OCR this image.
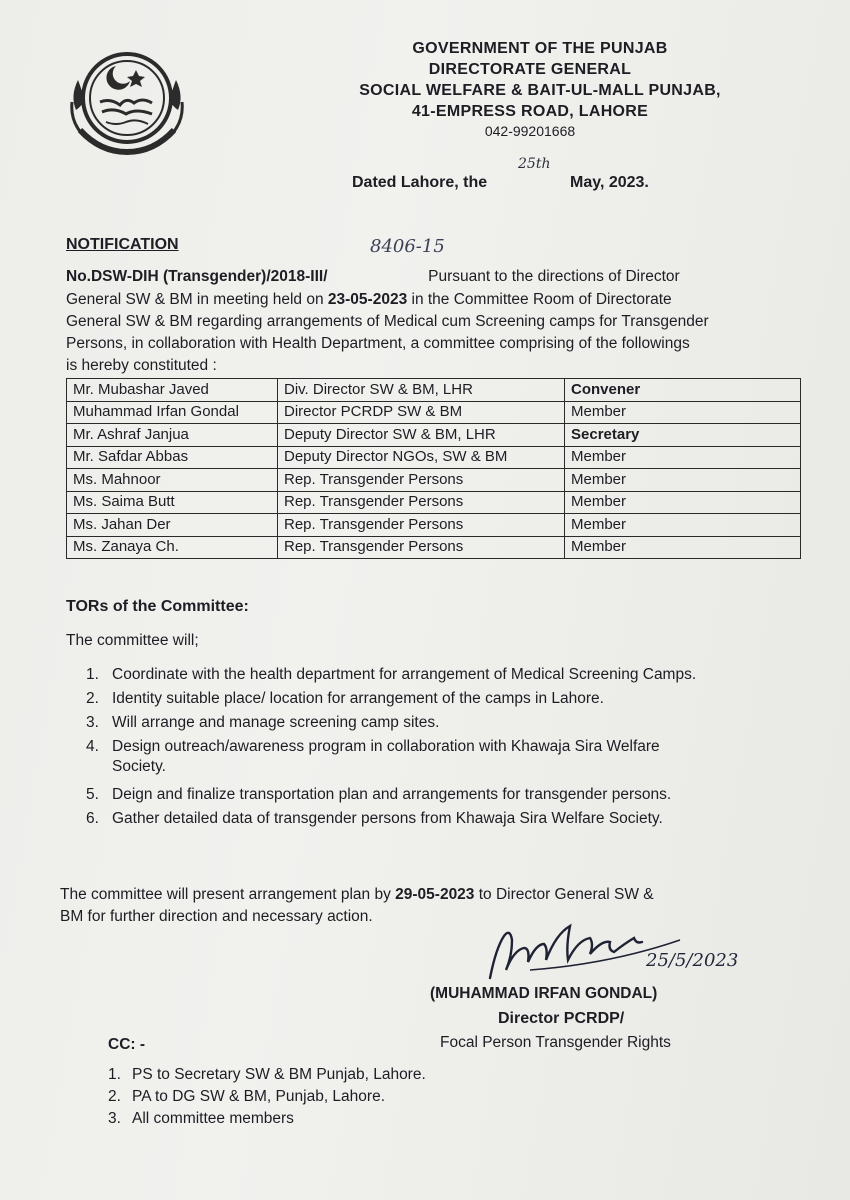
GOVERNMENT OF THE PUNJAB
DIRECTORATE GENERAL
SOCIAL WELFARE & BAIT-UL-MALL PUNJAB,
41-EMPRESS ROAD, LAHORE
042-99201668
Dated Lahore, the
25th
May, 2023.
NOTIFICATION	8406-15
No.DSW-DIH (Transgender)/2018-III/	Pursuant to the directions of Director
General SW & BM in meeting held on 23-05-2023 in the Committee Room of Directorate
General SW & BM regarding arrangements of Medical cum Screening camps for Transgender
Persons, in collaboration with Health Department, a committee comprising of the followings
is hereby constituted :
Mr. Mubashar Javed	Div. Director SW & BM, LHR	Convener
Muhammad Irfan Gondal	Director PCRDP SW & BM	Member
Mr. Ashraf Janjua	Deputy Director SW & BM, LHR	Secretary
Mr. Safdar Abbas	Deputy Director NGOs, SW & BM	Member
Ms. Mahnoor	Rep. Transgender Persons	Member
Ms. Saima Butt	Rep. Transgender Persons	Member
Ms. Jahan Der	Rep. Transgender Persons	Member
Ms. Zanaya Ch.	Rep. Transgender Persons	Member
TORs of the Committee:
The committee will;
1. Coordinate with the health department for arrangement of Medical Screening Camps.
2. Identity suitable place/ location for arrangement of the camps in Lahore.
3. Will arrange and manage screening camp sites.
4. Design outreach/awareness program in collaboration with Khawaja Sira Welfare
Society.
5. Deign and finalize transportation plan and arrangements for transgender persons.
6. Gather detailed data of transgender persons from Khawaja Sira Welfare Society.
The committee will present arrangement plan by 29-05-2023 to Director General SW &
BM for further direction and necessary action.
25/5/2023
(MUHAMMAD IRFAN GONDAL)
Director PCRDP/
Focal Person Transgender Rights
CC: -
1. PS to Secretary SW & BM Punjab, Lahore.
2. PA to DG SW & BM, Punjab, Lahore.
3. All committee members
